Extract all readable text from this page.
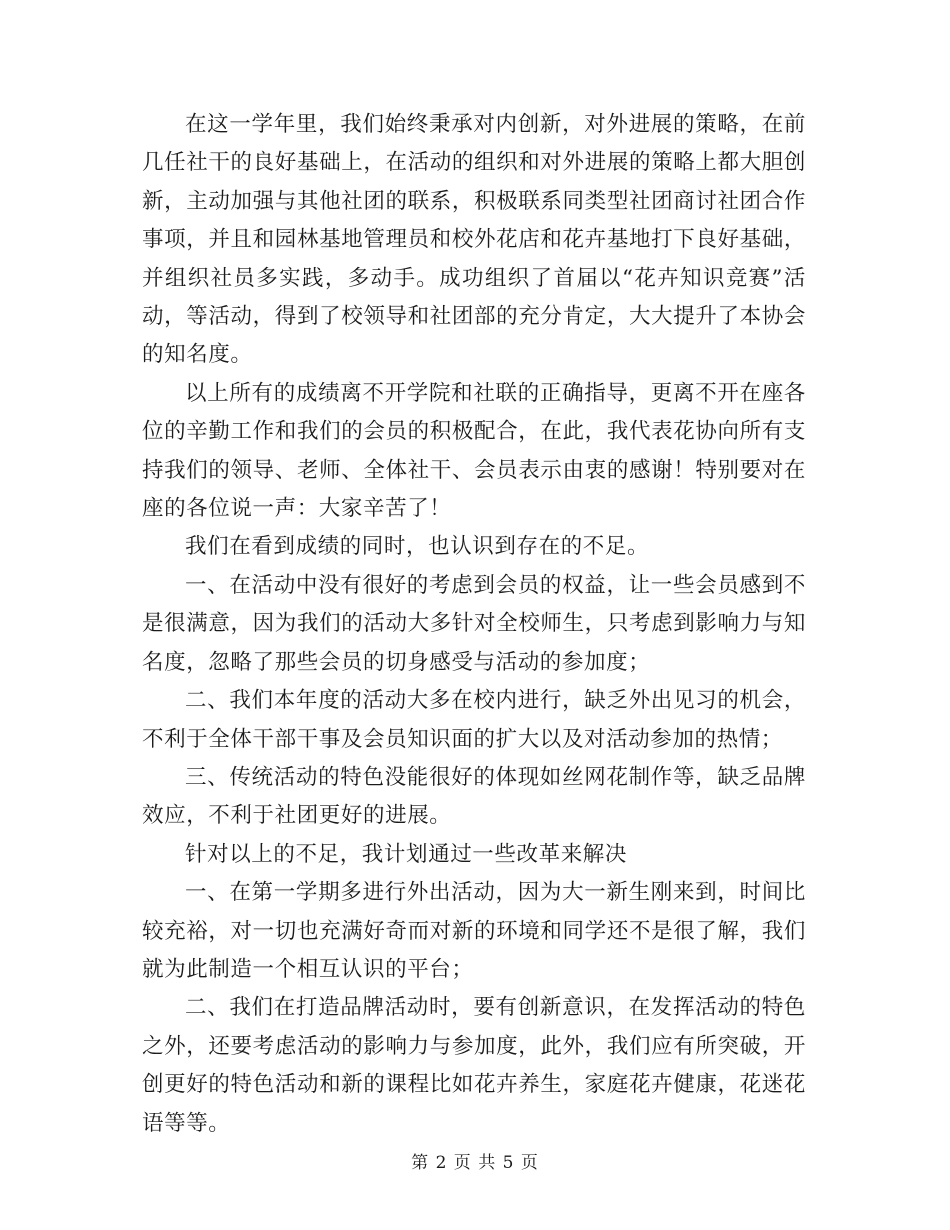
在这一学年里，我们始终秉承对内创新，对外进展的策略，在前几任社干的良好基础上，在活动的组织和对外进展的策略上都大胆创新，主动加强与其他社团的联系，积极联系同类型社团商讨社团合作事项，并且和园林基地管理员和校外花店和花卉基地打下良好基础，并组织社员多实践，多动手。成功组织了首届以“花卉知识竞赛”活动，等活动，得到了校领导和社团部的充分肯定，大大提升了本协会的知名度。

以上所有的成绩离不开学院和社联的正确指导，更离不开在座各位的辛勤工作和我们的会员的积极配合，在此，我代表花协向所有支持我们的领导、老师、全体社干、会员表示由衷的感谢！特别要对在座的各位说一声：大家辛苦了！

我们在看到成绩的同时，也认识到存在的不足。

一、在活动中没有很好的考虑到会员的权益，让一些会员感到不是很满意，因为我们的活动大多针对全校师生，只考虑到影响力与知名度，忽略了那些会员的切身感受与活动的参加度；

二、我们本年度的活动大多在校内进行，缺乏外出见习的机会，不利于全体干部干事及会员知识面的扩大以及对活动参加的热情；

三、传统活动的特色没能很好的体现如丝网花制作等，缺乏品牌效应，不利于社团更好的进展。

针对以上的不足，我计划通过一些改革来解决

一、在第一学期多进行外出活动，因为大一新生刚来到，时间比较充裕，对一切也充满好奇而对新的环境和同学还不是很了解，我们就为此制造一个相互认识的平台；

二、我们在打造品牌活动时，要有创新意识，在发挥活动的特色之外，还要考虑活动的影响力与参加度，此外，我们应有所突破，开创更好的特色活动和新的课程比如花卉养生，家庭花卉健康，花迷花语等等。

第 2 页 共 5 页
